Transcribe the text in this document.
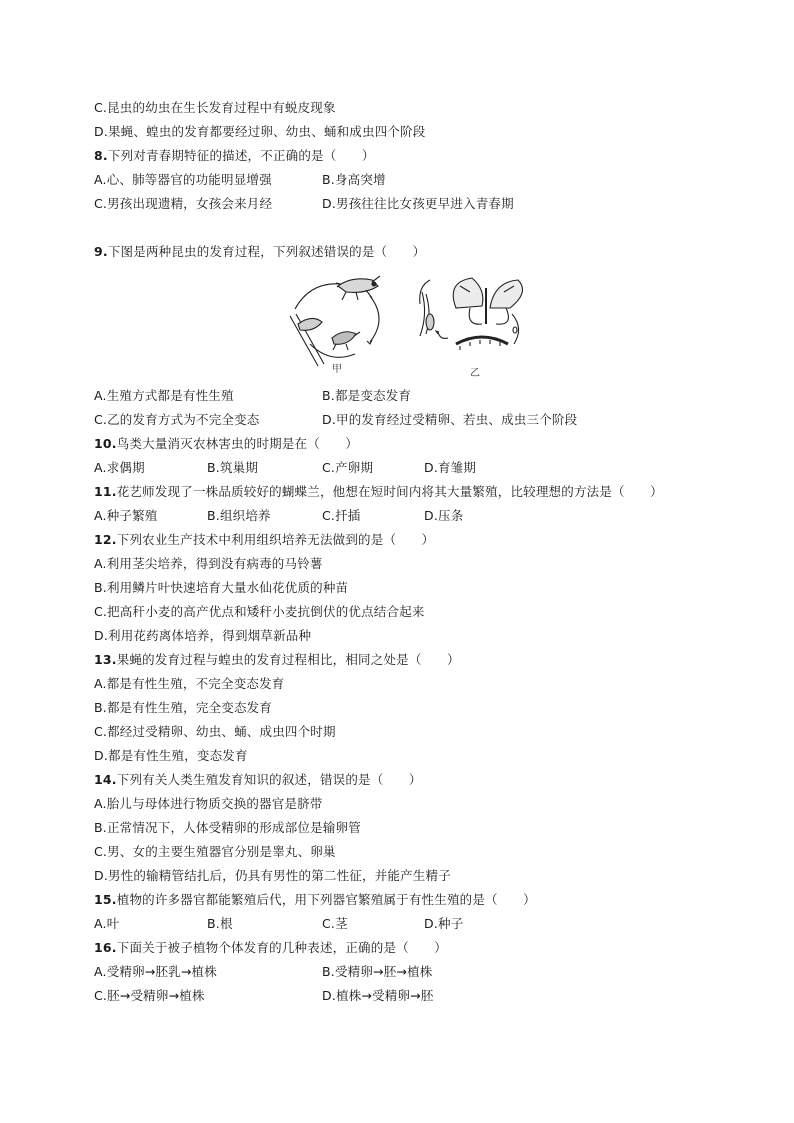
C.昆虫的幼虫在生长发育过程中有蜕皮现象
D.果蝇、蝗虫的发育都要经过卵、幼虫、蛹和成虫四个阶段
8.下列对青春期特征的描述，不正确的是（　　）
A.心、肺等器官的功能明显增强	B.身高突增
C.男孩出现遗精，女孩会来月经	D.男孩往往比女孩更早进入青春期
9.下图是两种昆虫的发育过程，下列叙述错误的是（　　）
甲	乙
A.生殖方式都是有性生殖	B.都是变态发育
C.乙的发育方式为不完全变态	D.甲的发育经过受精卵、若虫、成虫三个阶段
10.鸟类大量消灭农林害虫的时期是在（　　）
A.求偶期	B.筑巢期	C.产卵期	D.育雏期
11.花艺师发现了一株品质较好的蝴蝶兰，他想在短时间内将其大量繁殖，比较理想的方法是（　　）
A.种子繁殖	B.组织培养	C.扦插	D.压条
12.下列农业生产技术中利用组织培养无法做到的是（　　）
A.利用茎尖培养，得到没有病毒的马铃薯
B.利用鳞片叶快速培育大量水仙花优质的种苗
C.把高秆小麦的高产优点和矮秆小麦抗倒伏的优点结合起来
D.利用花药离体培养，得到烟草新品种
13.果蝇的发育过程与蝗虫的发育过程相比，相同之处是（　　）
A.都是有性生殖，不完全变态发育
B.都是有性生殖，完全变态发育
C.都经过受精卵、幼虫、蛹、成虫四个时期
D.都是有性生殖，变态发育
14.下列有关人类生殖发育知识的叙述，错误的是（　　）
A.胎儿与母体进行物质交换的器官是脐带
B.正常情况下，人体受精卵的形成部位是输卵管
C.男、女的主要生殖器官分别是睾丸、卵巢
D.男性的输精管结扎后，仍具有男性的第二性征，并能产生精子
15.植物的许多器官都能繁殖后代，用下列器官繁殖属于有性生殖的是（　　）
A.叶	B.根	C.茎	D.种子
16.下面关于被子植物个体发育的几种表述，正确的是（　　）
A.受精卵→胚乳→植株	B.受精卵→胚→植株
C.胚→受精卵→植株	D.植株→受精卵→胚
